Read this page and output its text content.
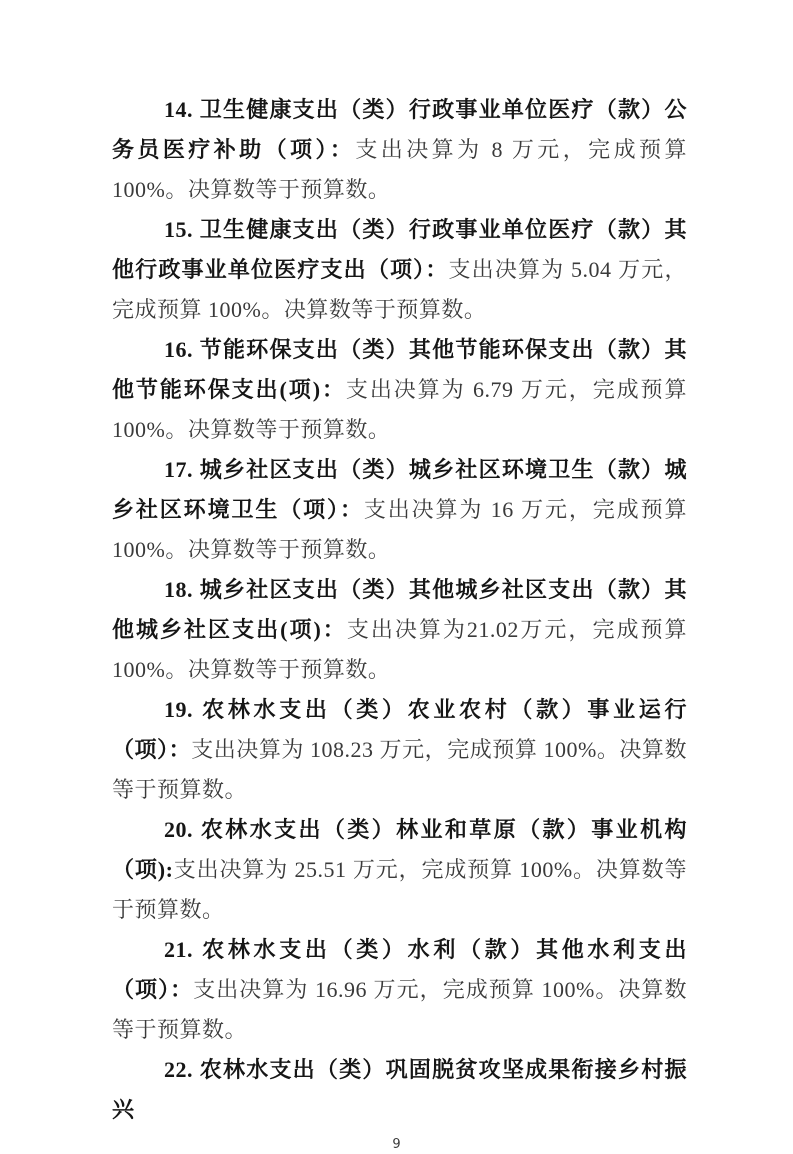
14. 卫生健康支出（类）行政事业单位医疗（款）公务员医疗补助（项）：支出决算为 8 万元，完成预算 100%。决算数等于预算数。

15. 卫生健康支出（类）行政事业单位医疗（款）其他行政事业单位医疗支出（项）：支出决算为 5.04 万元，完成预算 100%。决算数等于预算数。

16. 节能环保支出（类）其他节能环保支出（款）其他节能环保支出(项)：支出决算为 6.79 万元，完成预算 100%。决算数等于预算数。

17. 城乡社区支出（类）城乡社区环境卫生（款）城乡社区环境卫生（项）：支出决算为 16 万元，完成预算 100%。决算数等于预算数。

18. 城乡社区支出（类）其他城乡社区支出（款）其他城乡社区支出(项)：支出决算为21.02万元，完成预算100%。决算数等于预算数。

19. 农林水支出（类）农业农村（款）事业运行（项）：支出决算为 108.23 万元，完成预算 100%。决算数等于预算数。

20. 农林水支出（类）林业和草原（款）事业机构（项):支出决算为 25.51 万元，完成预算 100%。决算数等于预算数。

21. 农林水支出（类）水利（款）其他水利支出（项）：支出决算为 16.96 万元，完成预算 100%。决算数等于预算数。

22. 农林水支出（类）巩固脱贫攻坚成果衔接乡村振兴

9
